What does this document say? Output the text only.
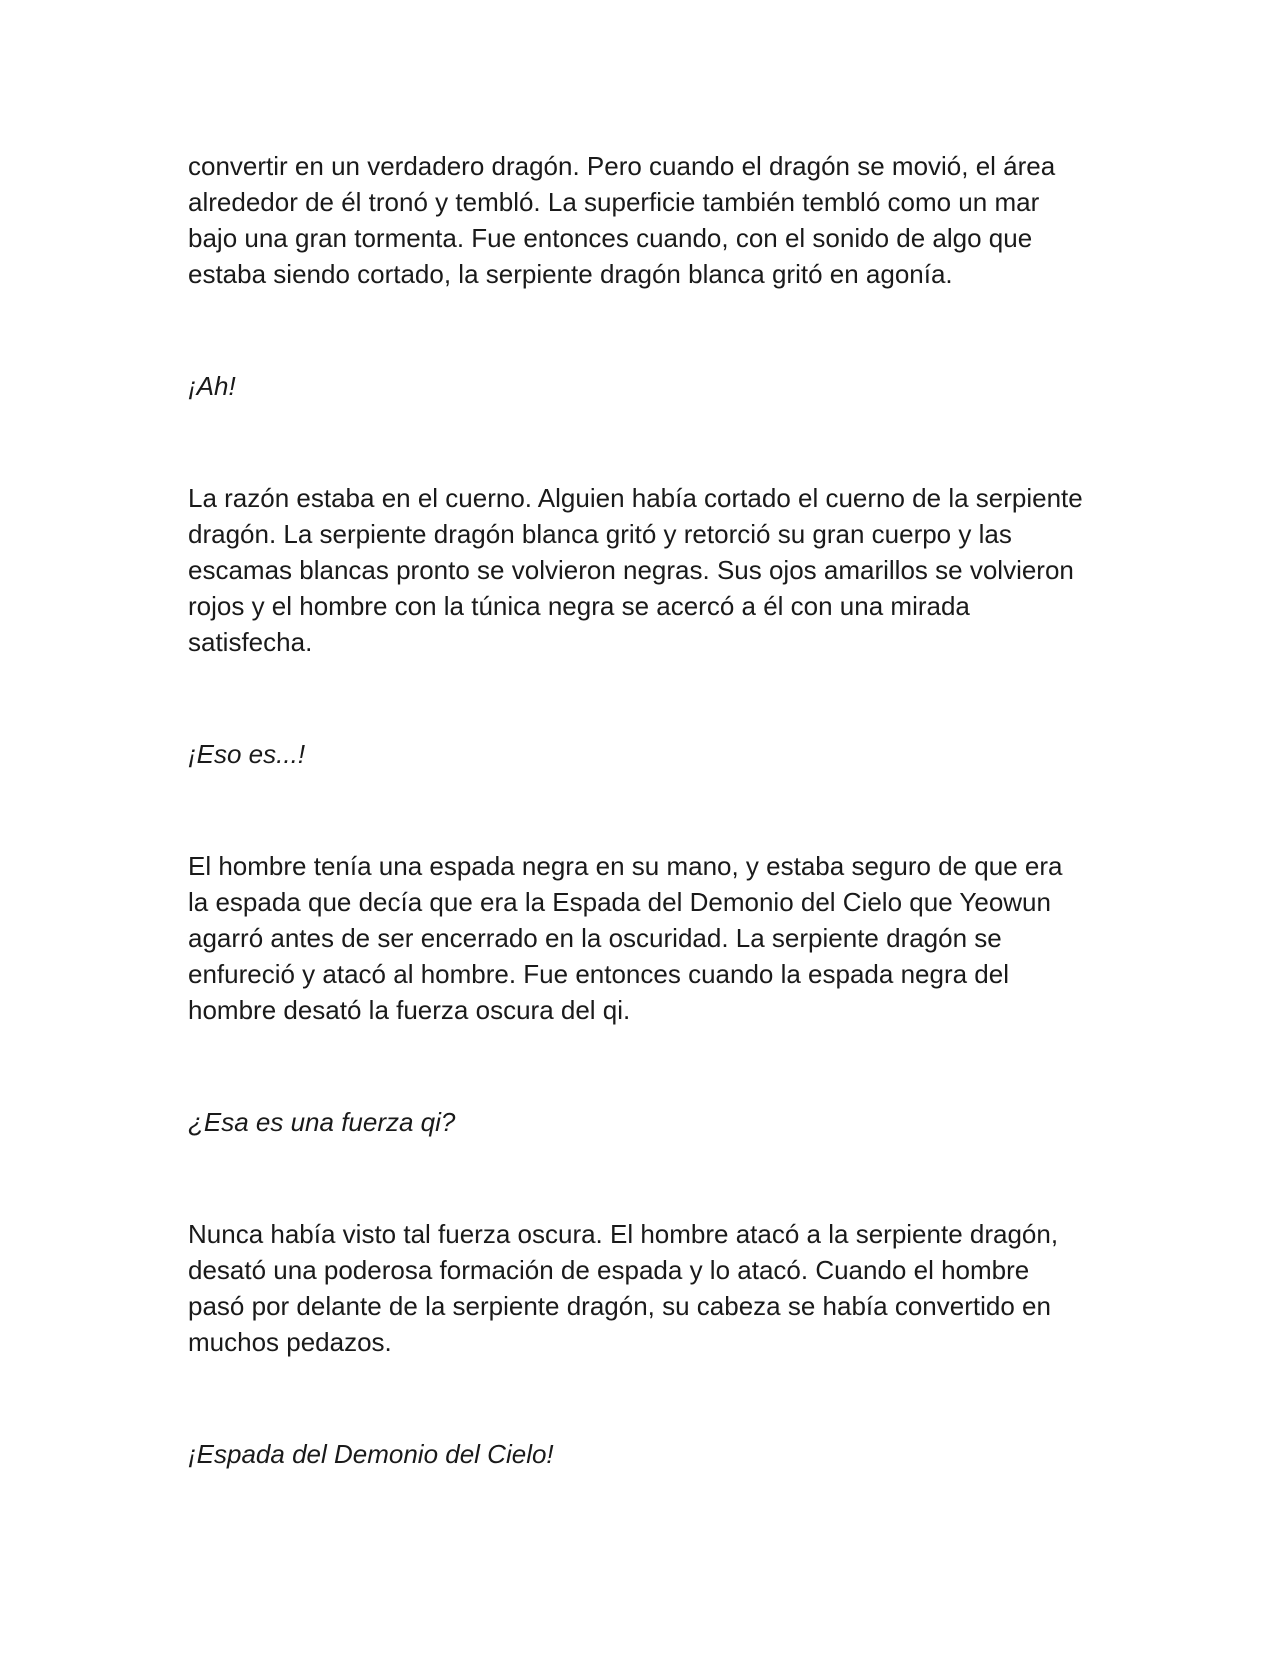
convertir en un verdadero dragón. Pero cuando el dragón se movió, el área alrededor de él tronó y tembló. La superficie también tembló como un mar bajo una gran tormenta. Fue entonces cuando, con el sonido de algo que estaba siendo cortado, la serpiente dragón blanca gritó en agonía.

¡Ah!

La razón estaba en el cuerno. Alguien había cortado el cuerno de la serpiente dragón. La serpiente dragón blanca gritó y retorció su gran cuerpo y las escamas blancas pronto se volvieron negras. Sus ojos amarillos se volvieron rojos y el hombre con la túnica negra se acercó a él con una mirada satisfecha.

¡Eso es...!

El hombre tenía una espada negra en su mano, y estaba seguro de que era la espada que decía que era la Espada del Demonio del Cielo que Yeowun agarró antes de ser encerrado en la oscuridad. La serpiente dragón se enfureció y atacó al hombre. Fue entonces cuando la espada negra del hombre desató la fuerza oscura del qi.

¿Esa es una fuerza qi?

Nunca había visto tal fuerza oscura. El hombre atacó a la serpiente dragón, desató una poderosa formación de espada y lo atacó. Cuando el hombre pasó por delante de la serpiente dragón, su cabeza se había convertido en muchos pedazos.

¡Espada del Demonio del Cielo!
